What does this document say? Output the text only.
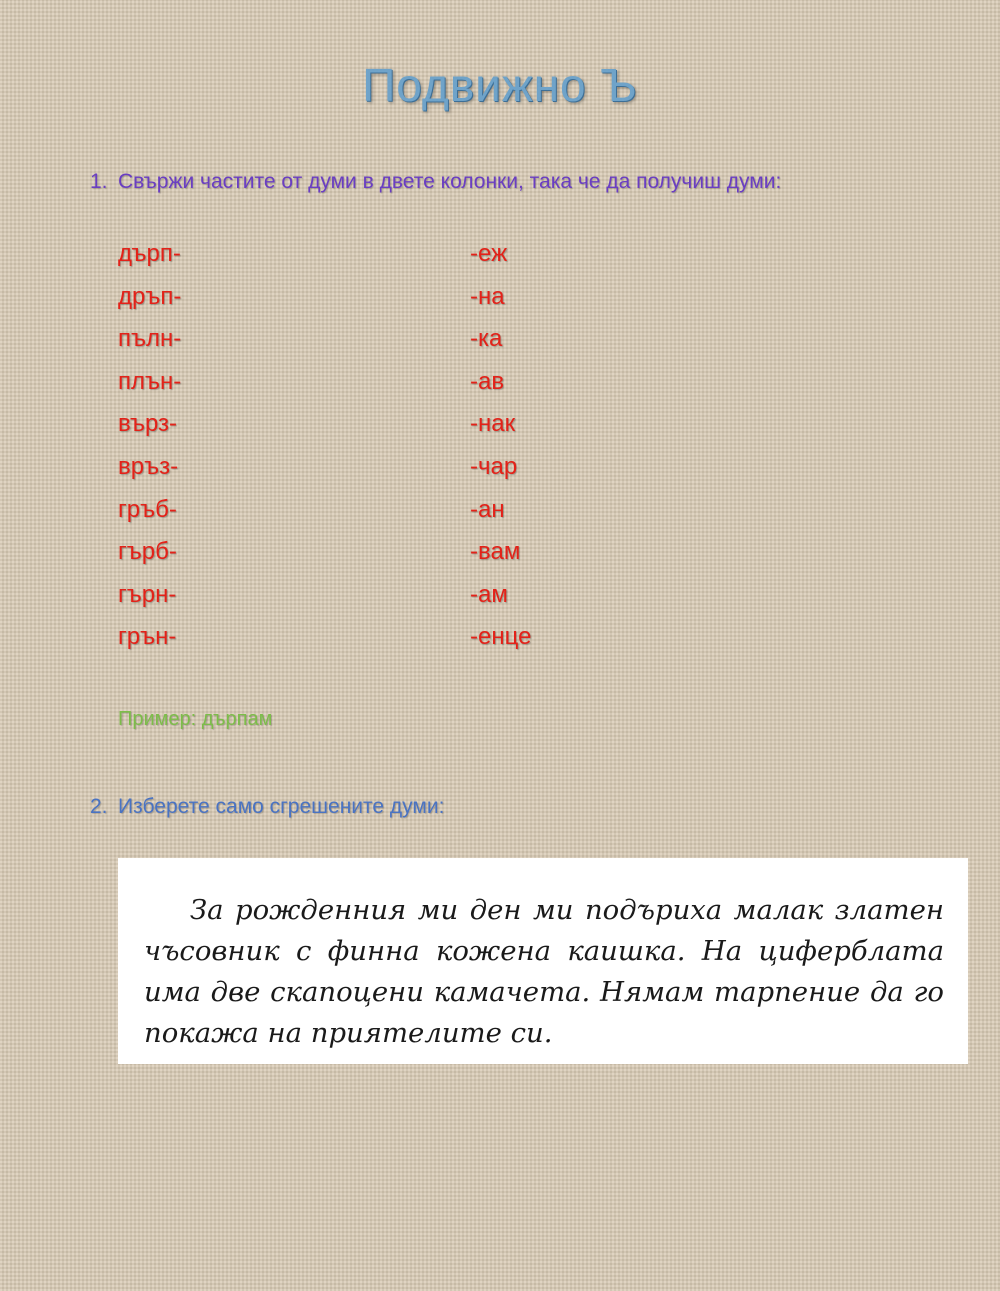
Подвижно Ъ
1. Свържи частите от думи в двете колонки, така че да получиш думи:
дърп-
дръп-
пълн-
плън-
върз-
връз-
гръб-
гърб-
гърн-
грън-
-еж
-на
-ка
-ав
-нак
-чар
-ан
-вам
-ам
-енце
Пример: дърпам
2. Изберете само сгрешените думи:
За рожденния ми ден ми подъриха малак златен чъсовник с финна кожена каишка. На циферблата има две скапоцени камачета. Нямам тарпение да го покажа на приятелите си.
